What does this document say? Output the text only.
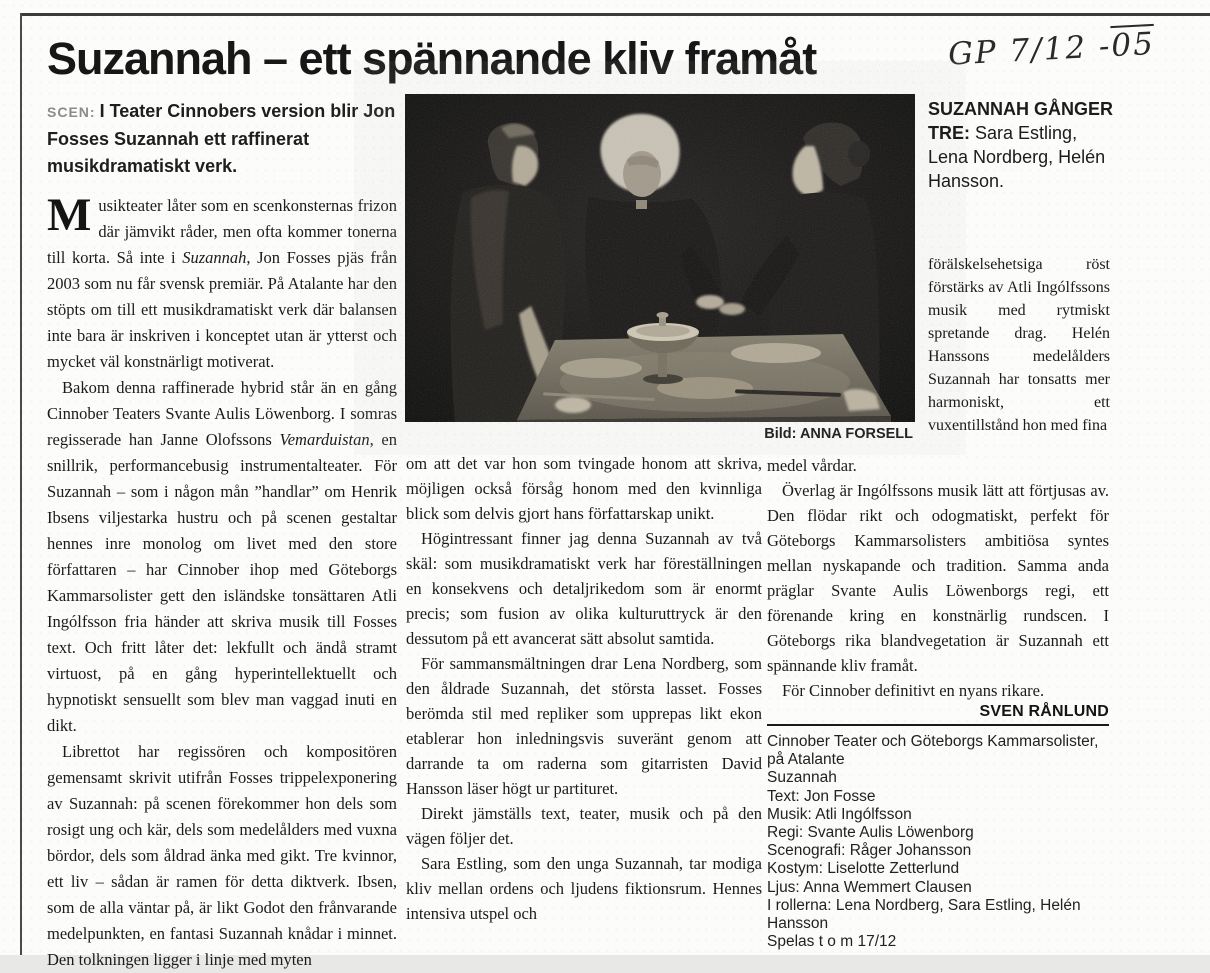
Suzannah – ett spännande kliv framåt	GP 7/12 -05

SCEN: I Teater Cinnobers version blir Jon Fosses Suzannah ett raffinerat musikdramatiskt verk.

Musikteater låter som en scenkonsternas frizon där jämvikt råder, men ofta kommer tonerna till korta. Så inte i Suzannah, Jon Fosses pjäs från 2003 som nu får svensk premiär. På Atalante har den stöpts om till ett musikdramatiskt verk där balansen inte bara är inskriven i konceptet utan är ytterst och mycket väl konstnärligt motiverat.

Bakom denna raffinerade hybrid står än en gång Cinnober Teaters Svante Aulis Löwenborg. I somras regisserade han Janne Olofssons Vemarduistan, en snillrik, performancebusig instrumentalteater. För Suzannah – som i någon mån ”handlar” om Henrik Ibsens viljestarka hustru och på scenen gestaltar hennes inre monolog om livet med den store författaren – har Cinnober ihop med Göteborgs Kammarsolister gett den isländske tonsättaren Atli Ingólfsson fria händer att skriva musik till Fosses text. Och fritt låter det: lekfullt och ändå stramt virtuost, på en gång hyperintellektuellt och hypnotiskt sensuellt som blev man vaggad inuti en dikt.

Librettot har regissören och kompositören gemensamt skrivit utifrån Fosses trippelexponering av Suzannah: på scenen förekommer hon dels som rosigt ung och kär, dels som medelålders med vuxna bördor, dels som åldrad änka med gikt. Tre kvinnor, ett liv – sådan är ramen för detta diktverk. Ibsen, som de alla väntar på, är likt Godot den frånvarande medelpunkten, en fantasi Suzannah knådar i minnet. Den tolkningen ligger i linje med myten

Bild: ANNA FORSELL
SUZANNAH GÅNGER TRE: Sara Estling, Lena Nordberg, Helén Hansson.

förälskelsehetsiga röst förstärks av Atli Ingólfssons musik med rytmiskt spretande drag. Helén Hanssons medelålders Suzannah har tonsatts mer harmoniskt, ett vuxentillstånd hon med fina

om att det var hon som tvingade honom att skriva, möjligen också försåg honom med den kvinnliga blick som delvis gjort hans författarskap unikt.

Högintressant finner jag denna Suzannah av två skäl: som musikdramatiskt verk har föreställningen en konsekvens och detaljrikedom som är enormt precis; som fusion av olika kulturuttryck är den dessutom på ett avancerat sätt absolut samtida.

För sammansmältningen drar Lena Nordberg, som den åldrade Suzannah, det största lasset. Fosses berömda stil med repliker som upprepas likt ekon etablerar hon inledningsvis suveränt genom att darrande ta om raderna som gitarristen David Hansson läser högt ur partituret.

Direkt jämställs text, teater, musik och på den vägen följer det.

Sara Estling, som den unga Suzannah, tar modiga kliv mellan ordens och ljudens fiktionsrum. Hennes intensiva utspel och

medel vårdar.

Överlag är Ingólfssons musik lätt att förtjusas av. Den flödar rikt och odogmatiskt, perfekt för Göteborgs Kammarsolisters ambitiösa syntes mellan nyskapande och tradition. Samma anda präglar Svante Aulis Löwenborgs regi, ett förenande kring en konstnärlig rundscen. I Göteborgs rika blandvegetation är Suzannah ett spännande kliv framåt.

För Cinnober definitivt en nyans rikare.

SVEN RÅNLUND

Cinnober Teater och Göteborgs Kammarsolister, på Atalante

Suzannah

Text: Jon Fosse

Musik: Atli Ingólfsson

Regi: Svante Aulis Löwenborg

Scenografi: Råger Johansson

Kostym: Liselotte Zetterlund

Ljus: Anna Wemmert Clausen

I rollerna: Lena Nordberg, Sara Estling, Helén Hansson

Spelas t o m 17/12
